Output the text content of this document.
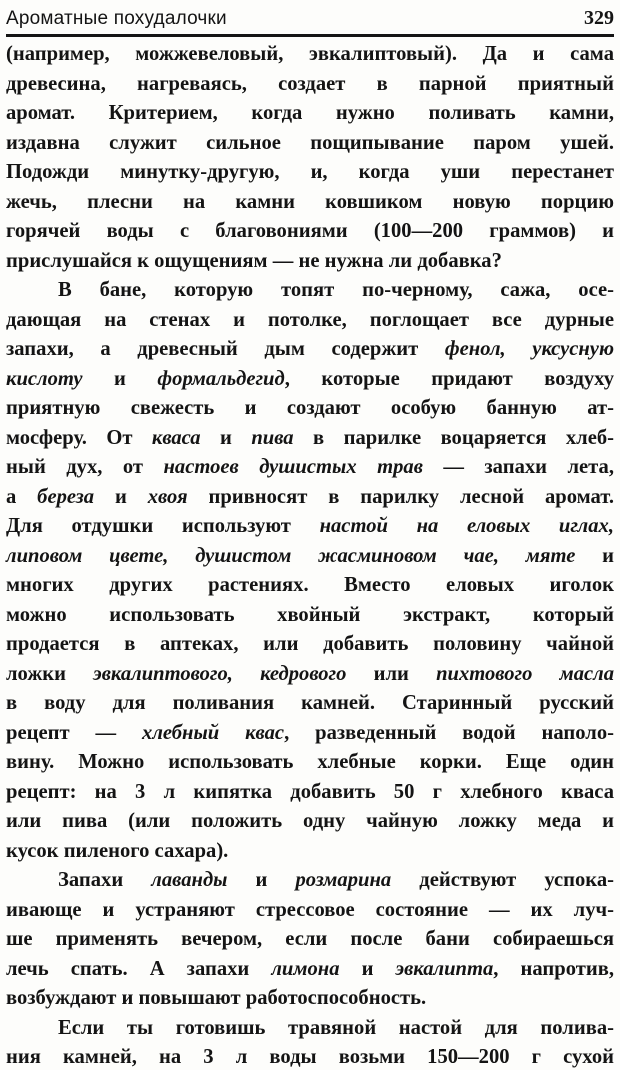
Ароматные похудалочки	329
(например, можжевеловый, эвкалиптовый). Да и сама
древесина, нагреваясь, создает в парной приятный
аромат. Критерием, когда нужно поливать камни,
издавна служит сильное пощипывание паром ушей.
Подожди минутку-другую, и, когда уши перестанет
жечь, плесни на камни ковшиком новую порцию
горячей воды с благовониями (100—200 граммов) и
прислушайся к ощущениям — не нужна ли добавка?
В бане, которую топят по-черному, сажа, осе-
дающая на стенах и потолке, поглощает все дурные
запахи, а древесный дым содержит фенол, уксусную
кислоту и формальдегид, которые придают воздуху
приятную свежесть и создают особую банную ат-
мосферу. От кваса и пива в парилке воцаряется хлеб-
ный дух, от настоев душистых трав — запахи лета,
а береза и хвоя привносят в парилку лесной аромат.
Для отдушки используют настой на еловых иглах,
липовом цвете, душистом жасминовом чае, мяте и
многих других растениях. Вместо еловых иголок
можно использовать хвойный экстракт, который
продается в аптеках, или добавить половину чайной
ложки эвкалиптового, кедрового или пихтового масла
в воду для поливания камней. Старинный русский
рецепт — хлебный квас, разведенный водой наполо-
вину. Можно использовать хлебные корки. Еще один
рецепт: на 3 л кипятка добавить 50 г хлебного кваса
или пива (или положить одну чайную ложку меда и
кусок пиленого сахара).
Запахи лаванды и розмарина действуют успока-
ивающе и устраняют стрессовое состояние — их луч-
ше применять вечером, если после бани собираешься
лечь спать. А запахи лимона и эвкалипта, напротив,
возбуждают и повышают работоспособность.
Если ты готовишь травяной настой для полива-
ния камней, на 3 л воды возьми 150—200 г сухой
